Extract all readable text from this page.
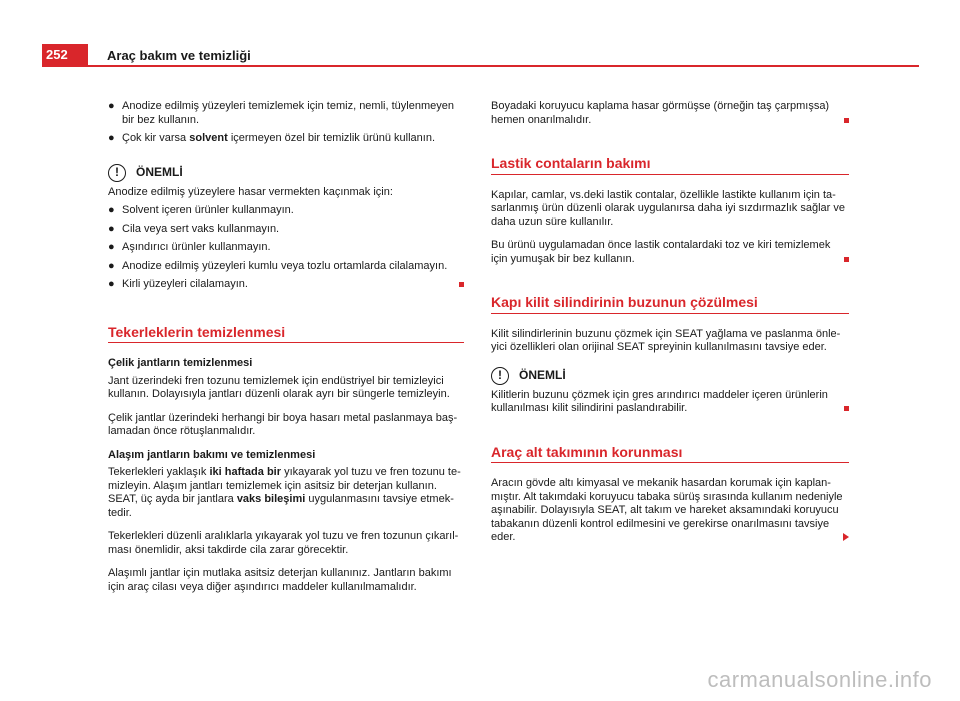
252	Araç bakım ve temizliği
● Anodize edilmiş yüzeyleri temizlemek için temiz, nemli, tüylenmeyen bir bez kullanın.
● Çok kir varsa solvent içermeyen özel bir temizlik ürünü kullanın.
!	ÖNEMLİ

Anodize edilmiş yüzeylere hasar vermekten kaçınmak için:

● Solvent içeren ürünler kullanmayın.
● Cila veya sert vaks kullanmayın.
● Aşındırıcı ürünler kullanmayın.
● Anodize edilmiş yüzeyleri kumlu veya tozlu ortamlarda cilalamayın.
● Kirli yüzeyleri cilalamayın.
Tekerleklerin temizlenmesi

Çelik jantların temizlenmesi

Jant üzerindeki fren tozunu temizlemek için endüstriyel bir temizleyici kullanın. Dolayısıyla jantları düzenli olarak ayrı bir süngerle temizleyin.

Çelik jantlar üzerindeki herhangi bir boya hasarı metal paslanmaya baş-lamadan önce rötuşlanmalıdır.

Alaşım jantların bakımı ve temizlenmesi

Tekerlekleri yaklaşık iki haftada bir yıkayarak yol tuzu ve fren tozunu te-mizleyin. Alaşım jantları temizlemek için asitsiz bir deterjan kullanın. SEAT, üç ayda bir jantlara vaks bileşimi uygulanmasını tavsiye etmek-tedir.

Tekerlekleri düzenli aralıklarla yıkayarak yol tuzu ve fren tozunun çıkarıl-ması önemlidir, aksi takdirde cila zarar görecektir.

Alaşımlı jantlar için mutlaka asitsiz deterjan kullanınız. Jantların bakımı için araç cilası veya diğer aşındırıcı maddeler kullanılmamalıdır.

Boyadaki koruyucu kaplama hasar görmüşse (örneğin taş çarpmışsa) hemen onarılmalıdır.

Lastik contaların bakımı

Kapılar, camlar, vs.deki lastik contalar, özellikle lastikte kullanım için ta-sarlanmış ürün düzenli olarak uygulanırsa daha iyi sızdırmazlık sağlar ve daha uzun süre kullanılır.

Bu ürünü uygulamadan önce lastik contalardaki toz ve kiri temizlemek için yumuşak bir bez kullanın.

Kapı kilit silindirinin buzunun çözülmesi

Kilit silindirlerinin buzunu çözmek için SEAT yağlama ve paslanma önle-yici özellikleri olan orijinal SEAT spreyinin kullanılmasını tavsiye eder.

!	ÖNEMLİ

Kilitlerin buzunu çözmek için gres arındırıcı maddeler içeren ürünlerin kullanılması kilit silindirini paslandırabilir.

Araç alt takımının korunması

Aracın gövde altı kimyasal ve mekanik hasardan korumak için kaplan-mıştır. Alt takımdaki koruyucu tabaka sürüş sırasında kullanım nedeniyle aşınabilir. Dolayısıyla SEAT, alt takım ve hareket aksamındaki koruyucu tabakanın düzenli kontrol edilmesini ve gerekirse onarılmasını tavsiye eder.

carmanualsonline.info
